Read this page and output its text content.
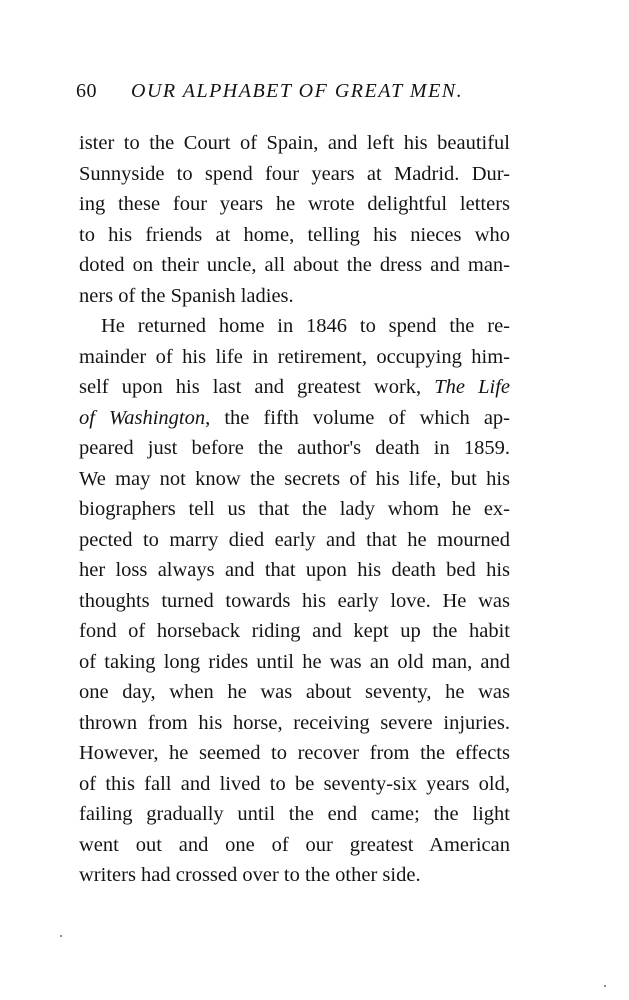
60 OUR ALPHABET OF GREAT MEN.
ister to the Court of Spain, and left his beautiful
Sunnyside to spend four years at Madrid. Dur-
ing these four years he wrote delightful letters
to his friends at home, telling his nieces who
doted on their uncle, all about the dress and man-
ners of the Spanish ladies.
He returned home in 1846 to spend the re-
mainder of his life in retirement, occupying him-
self upon his last and greatest work, The Life
of Washington, the fifth volume of which ap-
peared just before the author's death in 1859.
We may not know the secrets of his life, but his
biographers tell us that the lady whom he ex-
pected to marry died early and that he mourned
her loss always and that upon his death bed his
thoughts turned towards his early love. He was
fond of horseback riding and kept up the habit
of taking long rides until he was an old man, and
one day, when he was about seventy, he was
thrown from his horse, receiving severe injuries.
However, he seemed to recover from the effects
of this fall and lived to be seventy-six years old,
failing gradually until the end came; the light
went out and one of our greatest American
writers had crossed over to the other side.
